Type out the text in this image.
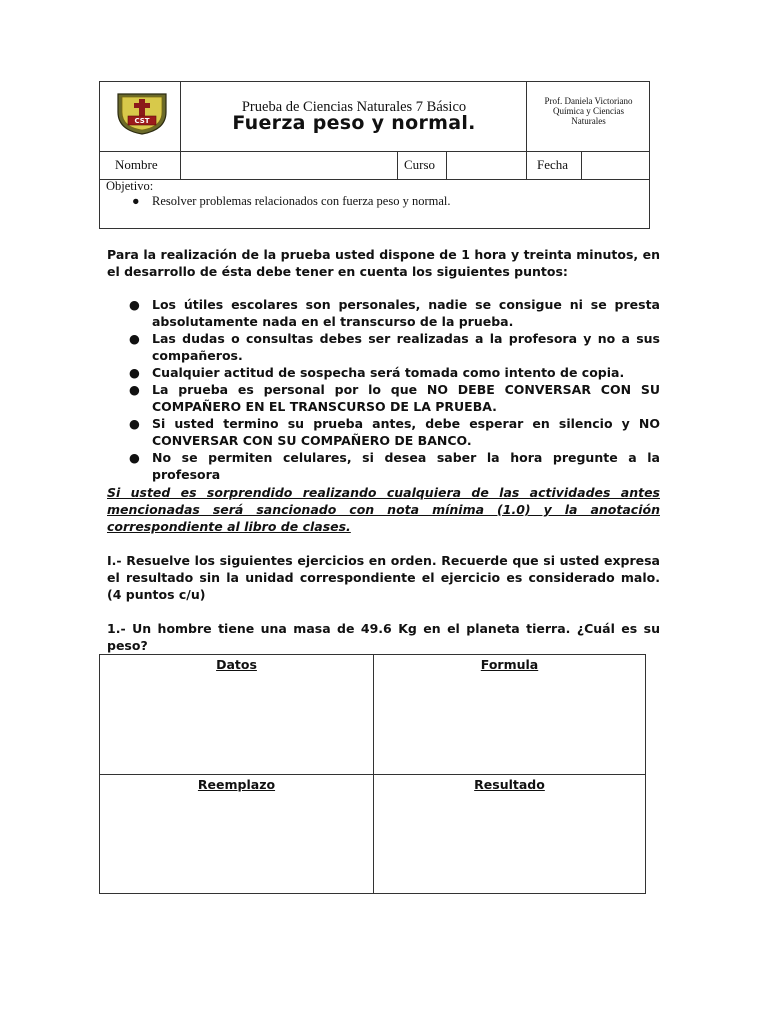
CST
Prueba de Ciencias Naturales 7 Básico
Fuerza peso y normal.
Prof. Daniela Victoriano
Química y Ciencias
Naturales
Nombre	Curso	Fecha
Objetivo:
● Resolver problemas relacionados con fuerza peso y normal.
Para la realización de la prueba usted dispone de 1 hora y treinta minutos, en el desarrollo de ésta debe tener en cuenta los siguientes puntos:
● Los útiles escolares son personales, nadie se consigue ni se presta absolutamente nada en el transcurso de la prueba.
● Las dudas o consultas debes ser realizadas a la profesora y no a sus compañeros.
● Cualquier actitud de sospecha será tomada como intento de copia.
● La prueba es personal por lo que NO DEBE CONVERSAR CON SU COMPAÑERO EN EL TRANSCURSO DE LA PRUEBA.
● Si usted termino su prueba antes, debe esperar en silencio y NO CONVERSAR CON SU COMPAÑERO DE BANCO.
● No se permiten celulares, si desea saber la hora pregunte a la profesora
Si usted es sorprendido realizando cualquiera de las actividades antes mencionadas será sancionado con nota mínima (1.0) y la anotación correspondiente al libro de clases.
I.- Resuelve los siguientes ejercicios en orden. Recuerde que si usted expresa el resultado sin la unidad correspondiente el ejercicio es considerado malo. (4 puntos c/u)
1.- Un hombre tiene una masa de 49.6 Kg en el planeta tierra. ¿Cuál es su peso?
Datos	Formula
Reemplazo	Resultado
